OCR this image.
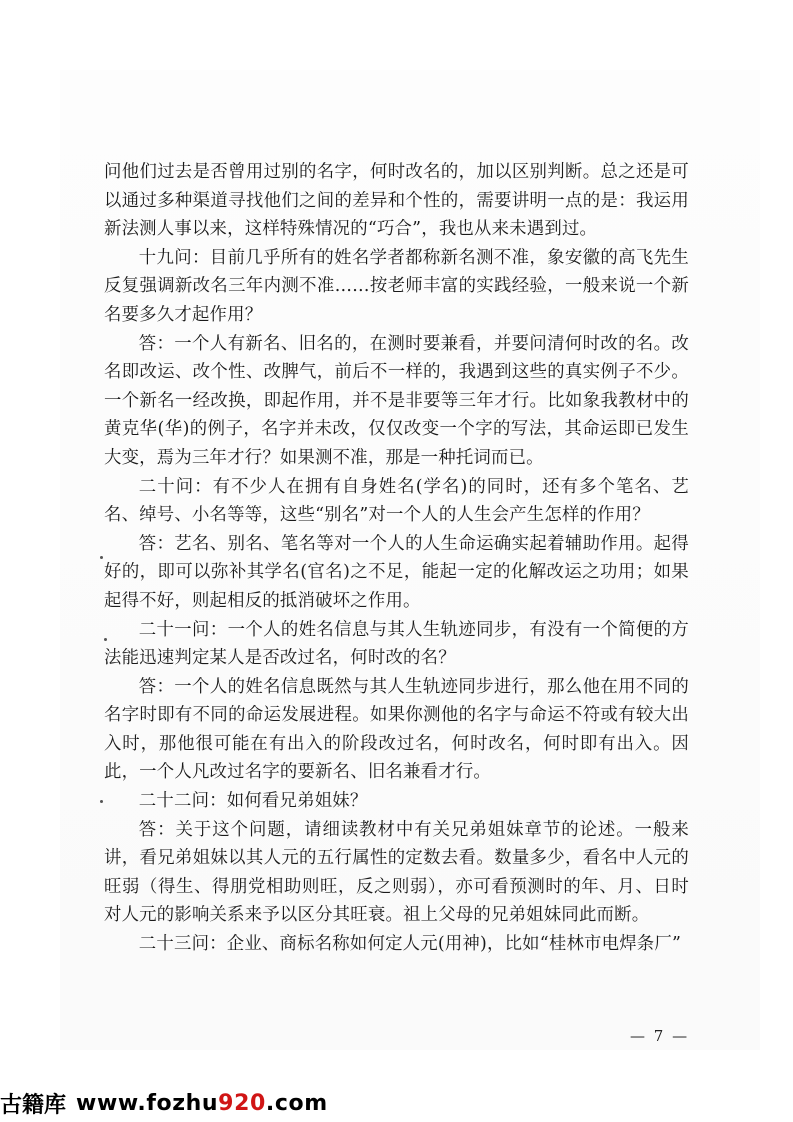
问他们过去是否曾用过别的名字，何时改名的，加以区别判断。总之还是可以通过多种渠道寻找他们之间的差异和个性的，需要讲明一点的是：我运用新法测人事以来，这样特殊情况的“巧合”，我也从来未遇到过。

十九问：目前几乎所有的姓名学者都称新名测不准，象安徽的高飞先生反复强调新改名三年内测不准……按老师丰富的实践经验，一般来说一个新名要多久才起作用？

答：一个人有新名、旧名的，在测时要兼看，并要问清何时改的名。改名即改运、改个性、改脾气，前后不一样的，我遇到这些的真实例子不少。一个新名一经改换，即起作用，并不是非要等三年才行。比如象我教材中的黄克华(华)的例子，名字并未改，仅仅改变一个字的写法，其命运即已发生大变，焉为三年才行？如果测不准，那是一种托词而已。

二十问：有不少人在拥有自身姓名(学名)的同时，还有多个笔名、艺名、绰号、小名等等，这些“别名”对一个人的人生会产生怎样的作用？

答：艺名、别名、笔名等对一个人的人生命运确实起着辅助作用。起得好的，即可以弥补其学名(官名)之不足，能起一定的化解改运之功用；如果起得不好，则起相反的抵消破坏之作用。

二十一问：一个人的姓名信息与其人生轨迹同步，有没有一个简便的方法能迅速判定某人是否改过名，何时改的名？

答：一个人的姓名信息既然与其人生轨迹同步进行，那么他在用不同的名字时即有不同的命运发展进程。如果你测他的名字与命运不符或有较大出入时，那他很可能在有出入的阶段改过名，何时改名，何时即有出入。因此，一个人凡改过名字的要新名、旧名兼看才行。

二十二问：如何看兄弟姐妹？

答：关于这个问题，请细读教材中有关兄弟姐妹章节的论述。一般来讲，看兄弟姐妹以其人元的五行属性的定数去看。数量多少，看名中人元的旺弱（得生、得朋党相助则旺，反之则弱），亦可看预测时的年、月、日时对人元的影响关系来予以区分其旺衰。祖上父母的兄弟姐妹同此而断。

二十三问：企业、商标名称如何定人元(用神)，比如“桂林市电焊条厂”

— 7 —
古籍库 www.fozhu920.com
